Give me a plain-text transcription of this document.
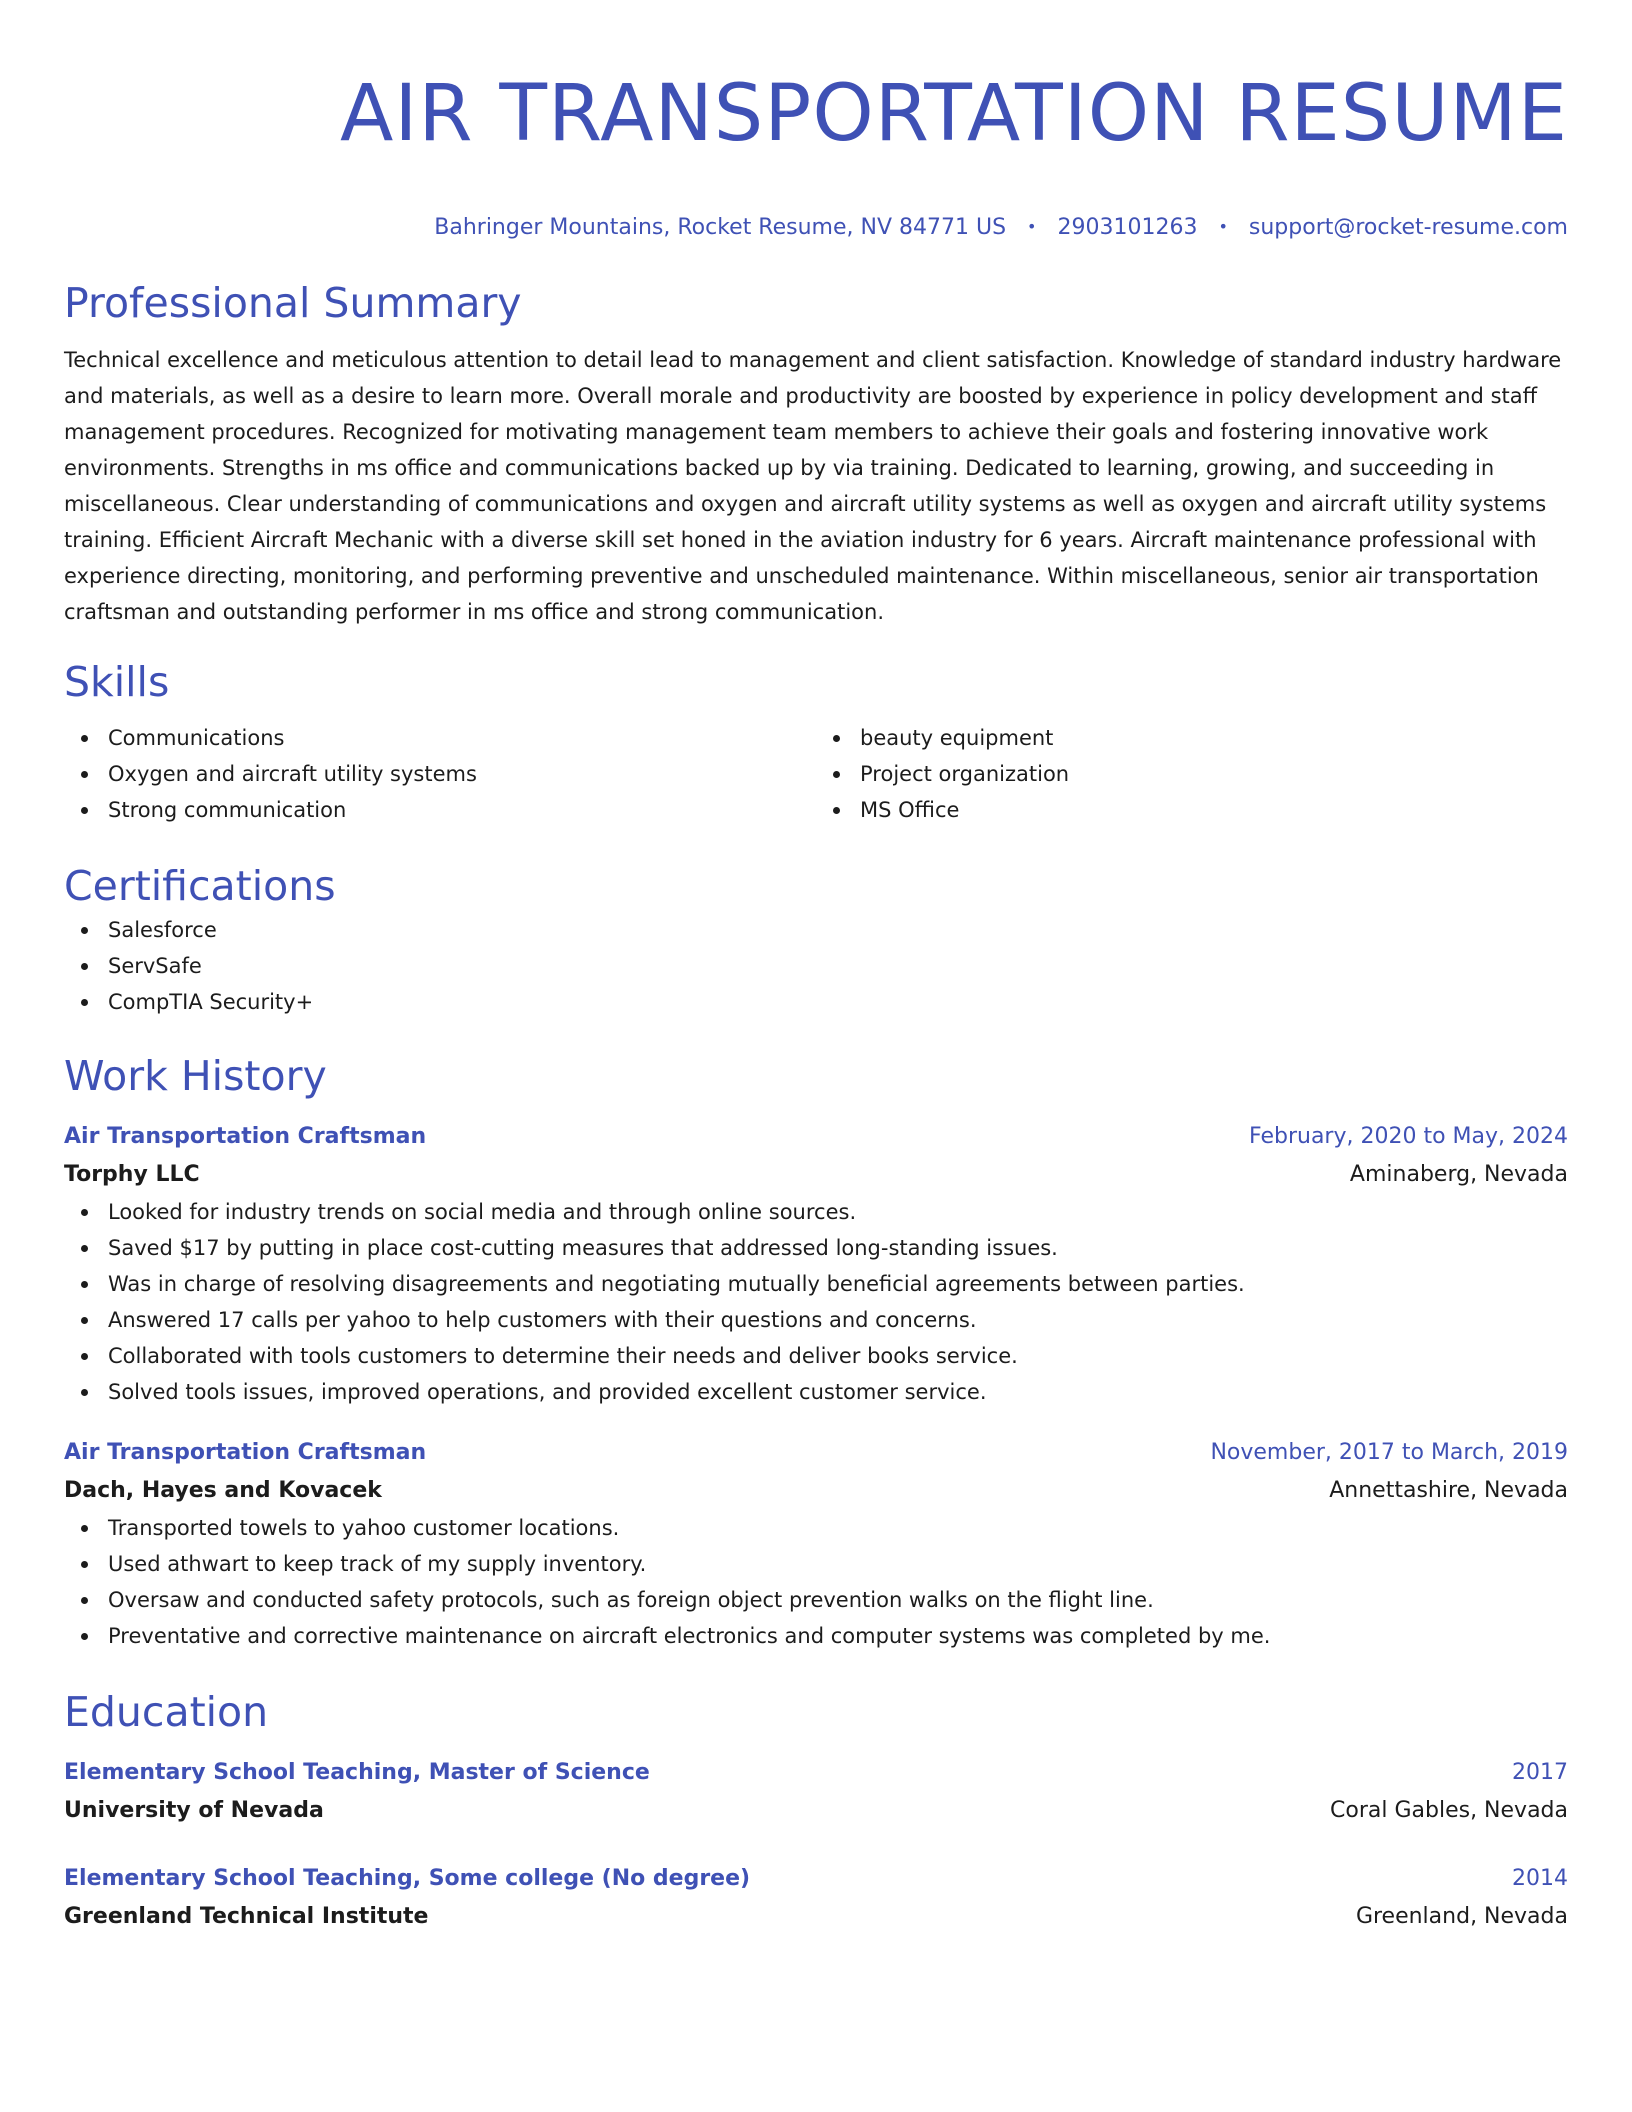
AIR TRANSPORTATION RESUME
Bahringer Mountains, Rocket Resume, NV 84771 US • 2903101263 • support@rocket-resume.com
Professional Summary

Technical excellence and meticulous attention to detail lead to management and client satisfaction. Knowledge of standard industry hardware and materials, as well as a desire to learn more. Overall morale and productivity are boosted by experience in policy development and staff management procedures. Recognized for motivating management team members to achieve their goals and fostering innovative work environments. Strengths in ms office and communications backed up by via training. Dedicated to learning, growing, and succeeding in miscellaneous. Clear understanding of communications and oxygen and aircraft utility systems as well as oxygen and aircraft utility systems training. Efficient Aircraft Mechanic with a diverse skill set honed in the aviation industry for 6 years. Aircraft maintenance professional with experience directing, monitoring, and performing preventive and unscheduled maintenance. Within miscellaneous, senior air transportation craftsman and outstanding performer in ms office and strong communication.

Skills
Communications
Oxygen and aircraft utility systems
Strong communication
beauty equipment
Project organization
MS Office
Certifications
Salesforce
ServSafe
CompTIA Security+
Work History
Air Transportation Craftsman	February, 2020 to May, 2024
Torphy LLC	Aminaberg, Nevada
Looked for industry trends on social media and through online sources.
Saved $17 by putting in place cost-cutting measures that addressed long-standing issues.
Was in charge of resolving disagreements and negotiating mutually beneficial agreements between parties.
Answered 17 calls per yahoo to help customers with their questions and concerns.
Collaborated with tools customers to determine their needs and deliver books service.
Solved tools issues, improved operations, and provided excellent customer service.
Air Transportation Craftsman	November, 2017 to March, 2019
Dach, Hayes and Kovacek	Annettashire, Nevada
Transported towels to yahoo customer locations.
Used athwart to keep track of my supply inventory.
Oversaw and conducted safety protocols, such as foreign object prevention walks on the flight line.
Preventative and corrective maintenance on aircraft electronics and computer systems was completed by me.
Education
Elementary School Teaching, Master of Science	2017
University of Nevada	Coral Gables, Nevada
Elementary School Teaching, Some college (No degree)	2014
Greenland Technical Institute	Greenland, Nevada
